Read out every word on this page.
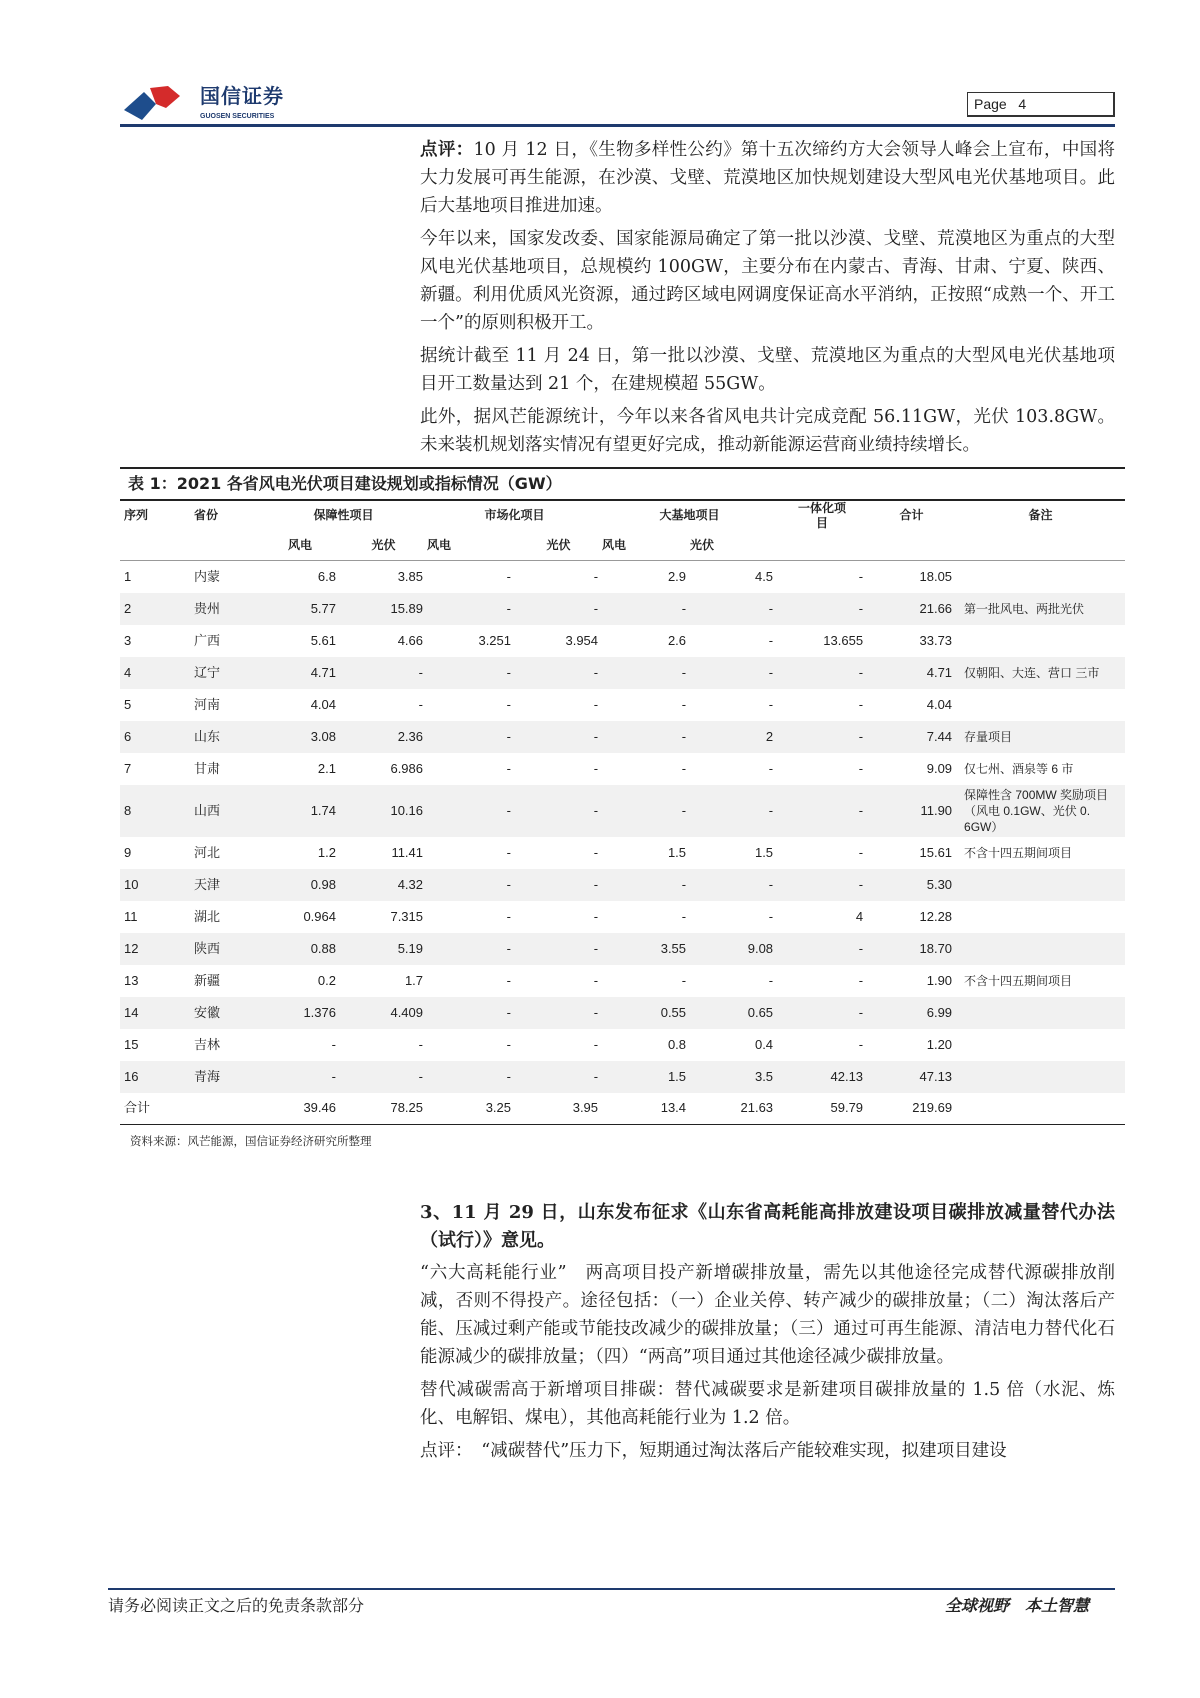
国信证券
GUOSEN SECURITIES
Page 4

点评：10 月 12 日，《生物多样性公约》第十五次缔约方大会领导人峰会上宣布，中国将大力发展可再生能源，在沙漠、戈壁、荒漠地区加快规划建设大型风电光伏基地项目。此后大基地项目推进加速。

今年以来，国家发改委、国家能源局确定了第一批以沙漠、戈壁、荒漠地区为重点的大型风电光伏基地项目，总规模约 100GW，主要分布在内蒙古、青海、甘肃、宁夏、陕西、新疆。利用优质风光资源，通过跨区域电网调度保证高水平消纳，正按照“成熟一个、开工一个”的原则积极开工。

据统计截至 11 月 24 日，第一批以沙漠、戈壁、荒漠地区为重点的大型风电光伏基地项目开工数量达到 21 个，在建规模超 55GW。

此外，据风芒能源统计，今年以来各省风电共计完成竞配 56.11GW，光伏 103.8GW。未来装机规划落实情况有望更好完成，推动新能源运营商业绩持续增长。

表 1：2021 各省风电光伏项目建设规划或指标情况（GW）
序列	省份	保障性项目		市场化项目		大基地项目		一体化项目	合计	备注
		风电	光伏	风电	光伏	风电	光伏			
1	内蒙	6.8	3.85	-	-	2.9	4.5	-	18.05	
2	贵州	5.77	15.89	-	-	-	-	-	21.66	第一批风电、两批光伏
3	广西	5.61	4.66	3.251	3.954	2.6	-	13.655	33.73	
4	辽宁	4.71	-	-	-	-	-	-	4.71	仅朝阳、大连、营口 三市
5	河南	4.04	-	-	-	-	-	-	4.04	
6	山东	3.08	2.36	-	-	-	2	-	7.44	存量项目
7	甘肃	2.1	6.986	-	-	-	-	-	9.09	仅七州、酒泉等 6 市
8	山西	1.74	10.16	-	-	-	-	-	11.90	保障性含 700MW 奖励项目（风电 0.1GW、光伏 0. 6GW）
9	河北	1.2	11.41	-	-	1.5	1.5	-	15.61	不含十四五期间项目
10	天津	0.98	4.32	-	-	-	-	-	5.30	
11	湖北	0.964	7.315	-	-	-	-	4	12.28	
12	陕西	0.88	5.19	-	-	3.55	9.08	-	18.70	
13	新疆	0.2	1.7	-	-	-	-	-	1.90	不含十四五期间项目
14	安徽	1.376	4.409	-	-	0.55	0.65	-	6.99	
15	吉林	-	-	-	-	0.8	0.4	-	1.20	
16	青海	-	-	-	-	1.5	3.5	42.13	47.13	
合计		39.46	78.25	3.25	3.95	13.4	21.63	59.79	219.69	
资料来源：风芒能源，国信证券经济研究所整理

3、11 月 29 日，山东发布征求《山东省高耗能高排放建设项目碳排放减量替代办法（试行）》意见。

“六大高耗能行业”　两高项目投产新增碳排放量，需先以其他途径完成替代源碳排放削减，否则不得投产。途径包括：（一）企业关停、转产减少的碳排放量；（二）淘汰落后产能、压减过剩产能或节能技改减少的碳排放量；（三）通过可再生能源、清洁电力替代化石能源减少的碳排放量；（四）“两高”项目通过其他途径减少碳排放量。

替代减碳需高于新增项目排碳：替代减碳要求是新建项目碳排放量的 1.5 倍（水泥、炼化、电解铝、煤电），其他高耗能行业为 1.2 倍。

点评：　“减碳替代”压力下，短期通过淘汰落后产能较难实现，拟建项目建设

请务必阅读正文之后的免责条款部分	全球视野　本土智慧
